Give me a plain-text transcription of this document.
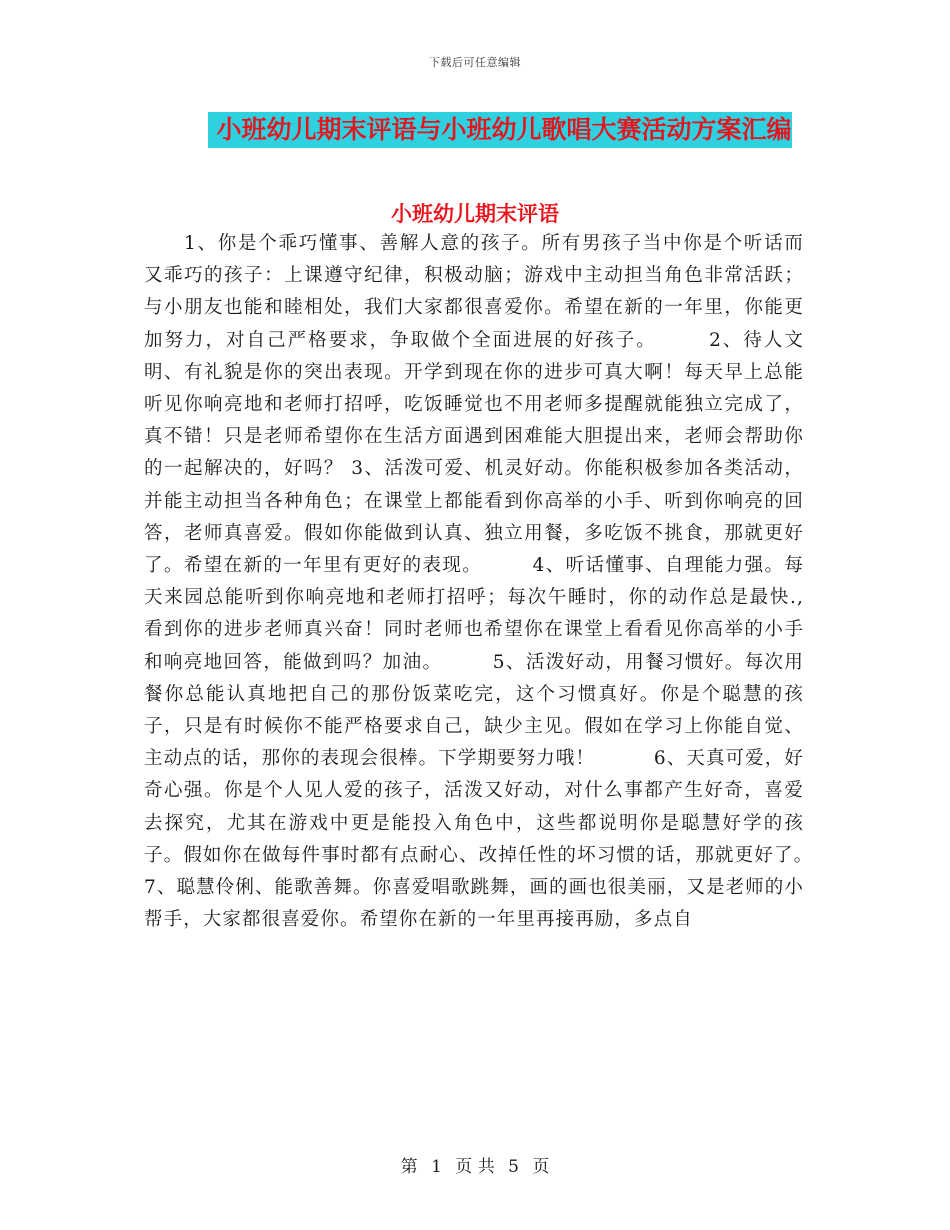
下载后可任意编辑
小班幼儿期末评语与小班幼儿歌唱大赛活动方案汇编
小班幼儿期末评语

1、你是个乖巧懂事、善解人意的孩子。所有男孩子当中你是个听话而又乖巧的孩子：上课遵守纪律，积极动脑；游戏中主动担当角色非常活跃；与小朋友也能和睦相处，我们大家都很喜爱你。希望在新的一年里，你能更加努力，对自己严格要求，争取做个全面进展的好孩子。　　　2、待人文明、有礼貌是你的突出表现。开学到现在你的进步可真大啊！每天早上总能听见你响亮地和老师打招呼，吃饭睡觉也不用老师多提醒就能独立完成了，真不错！只是老师希望你在生活方面遇到困难能大胆提出来，老师会帮助你的一起解决的，好吗？ 3、活泼可爱、机灵好动。你能积极参加各类活动，并能主动担当各种角色；在课堂上都能看到你高举的小手、听到你响亮的回答，老师真喜爱。假如你能做到认真、独立用餐，多吃饭不挑食，那就更好了。希望在新的一年里有更好的表现。　　　4、听话懂事、自理能力强。每天来园总能听到你响亮地和老师打招呼；每次午睡时，你的动作总是最快.,看到你的进步老师真兴奋！同时老师也希望你在课堂上看看见你高举的小手和响亮地回答，能做到吗？加油。　　　5、活泼好动，用餐习惯好。每次用餐你总能认真地把自己的那份饭菜吃完，这个习惯真好。你是个聪慧的孩子，只是有时候你不能严格要求自己，缺少主见。假如在学习上你能自觉、主动点的话，那你的表现会很棒。下学期要努力哦！　　　6、天真可爱，好奇心强。你是个人见人爱的孩子，活泼又好动，对什么事都产生好奇，喜爱去探究，尤其在游戏中更是能投入角色中，这些都说明你是聪慧好学的孩子。假如你在做每件事时都有点耐心、改掉任性的坏习惯的话，那就更好了。　　　7、聪慧伶俐、能歌善舞。你喜爱唱歌跳舞，画的画也很美丽，又是老师的小帮手，大家都很喜爱你。希望你在新的一年里再接再励，多点自

第 1 页 共 5 页
